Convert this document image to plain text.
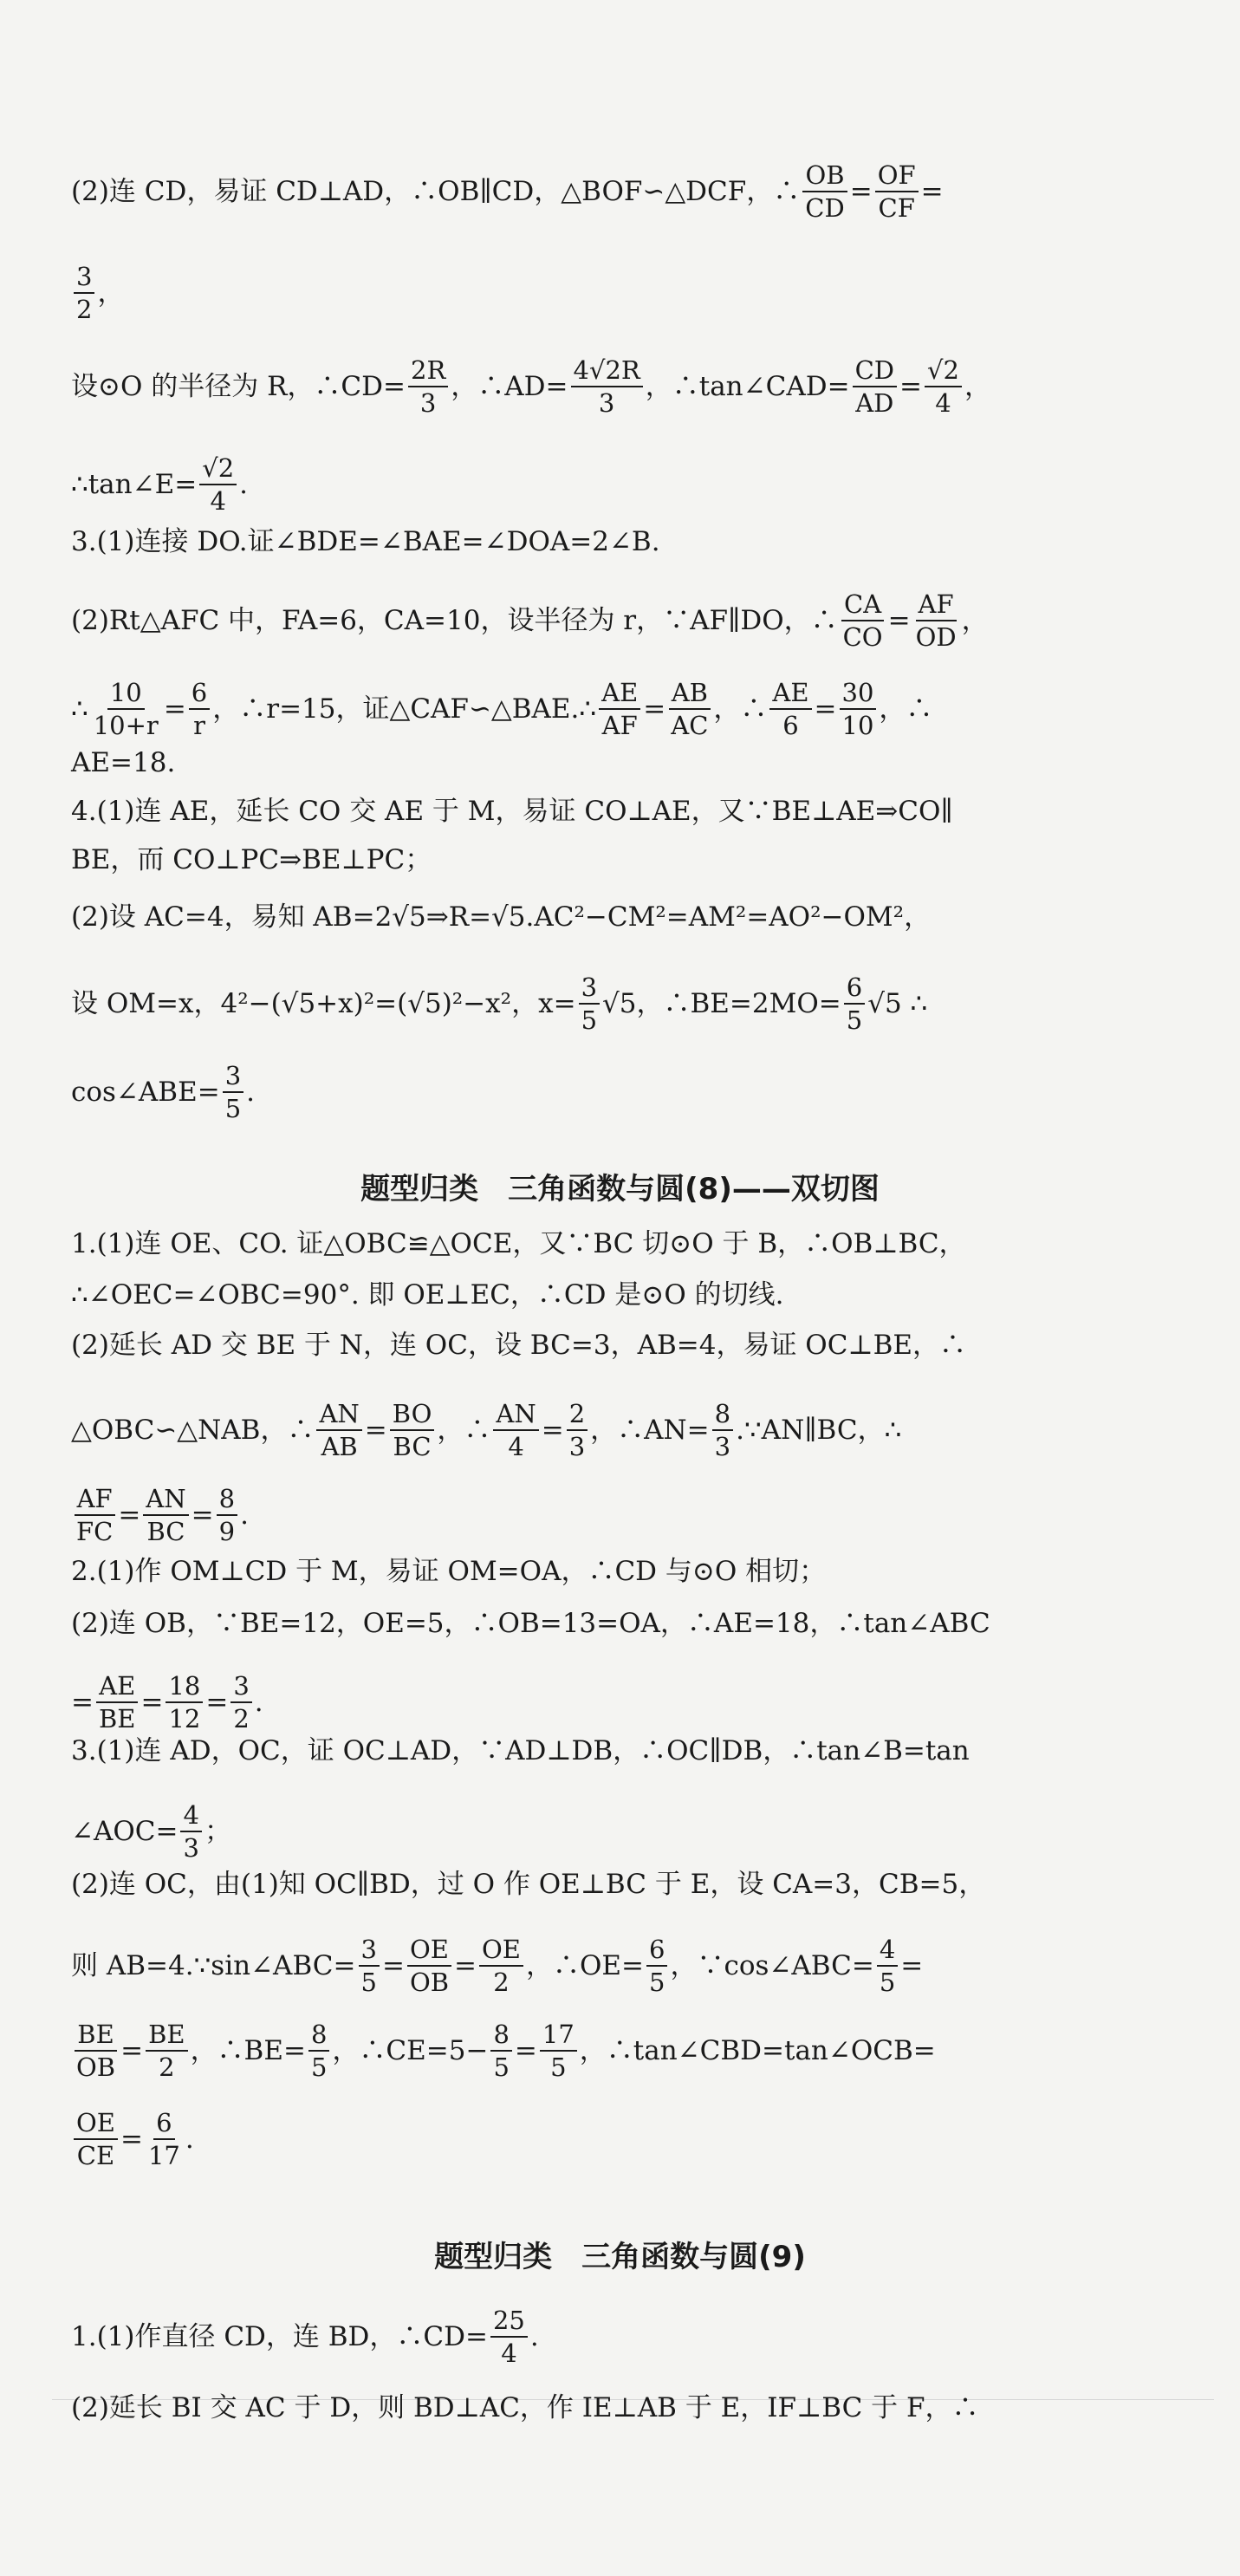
题型归类　三角函数与圆(8)——双切图
题型归类　三角函数与圆(9)
(2)连 CD，易证 CD⊥AD，∴OB∥CD，△BOF∽△DCF，∴ $\frac{OB}{CD} = \frac{OF}{CF}$ =
$\frac{3}{2}$ ，
设⊙O 的半径为 R，∴CD= $\frac{2R}{3}$ ，∴AD= $\frac{4√2R}{3}$ ，∴tan∠CAD= $\frac{CD}{AD} = \frac{√2}{4}$ ，
∴tan∠E= $\frac{√2}{4}$ .
3.(1)连接 DO.证∠BDE=∠BAE=∠DOA=2∠B.
(2)Rt△AFC 中，FA=6，CA=10，设半径为 r，∵AF∥DO，∴ $\frac{CA}{CO} = \frac{AF}{OD}$ ，
∴ $\frac{10}{10+r} = \frac{6}{r}$ ，∴r=15，证△CAF∽△BAE.∴ $\frac{AE}{AF} = \frac{AB}{AC}$ ，∴ $\frac{AE}{6} = \frac{30}{10}$ ，∴
AE=18.
4.(1)连 AE，延长 CO 交 AE 于 M，易证 CO⊥AE，又∵BE⊥AE⇒CO∥
BE，而 CO⊥PC⇒BE⊥PC；
(2)设 AC=4，易知 AB=2√5⇒R=√5.AC²−CM²=AM²=AO²−OM²，
设 OM=x，4²−(√5+x)²=(√5)²−x²，$x= \frac{3}{5} √5$，∴BE=2MO= $\frac{6}{5} √5$ ∴
cos∠ABE= $\frac{3}{5}$ .
1.(1)连 OE、CO. 证△OBC≌△OCE，又∵BC 切⊙O 于 B，∴OB⊥BC，
∴∠OEC=∠OBC=90°. 即 OE⊥EC，∴CD 是⊙O 的切线.
(2)延长 AD 交 BE 于 N，连 OC，设 BC=3，AB=4，易证 OC⊥BE，∴
△OBC∽△NAB，∴ $\frac{AN}{AB} = \frac{BO}{BC}$ ，∴ $\frac{AN}{4} = \frac{2}{3}$ ，∴AN= $\frac{8}{3}$ .∵AN∥BC，∴
$\frac{AF}{FC} = \frac{AN}{BC} = \frac{8}{9}$ .
2.(1)作 OM⊥CD 于 M，易证 OM=OA，∴CD 与⊙O 相切；
(2)连 OB，∵BE=12，OE=5，∴OB=13=OA，∴AE=18，∴tan∠ABC
= $\frac{AE}{BE} = \frac{18}{12} = \frac{3}{2}$ .
3.(1)连 AD，OC，证 OC⊥AD，∵AD⊥DB，∴OC∥DB，∴tan∠B=tan
∠AOC= $\frac{4}{3}$ ；
(2)连 OC，由(1)知 OC∥BD，过 O 作 OE⊥BC 于 E，设 CA=3，CB=5，
则 AB=4.∵sin∠ABC= $\frac{3}{5} = \frac{OE}{OB} = \frac{OE}{2}$ ，∴OE= $\frac{6}{5}$ ，∵cos∠ABC= $\frac{4}{5}$ =
$\frac{BE}{OB} = \frac{BE}{2}$ ，∴BE= $\frac{8}{5}$ ，∴CE=5− $\frac{8}{5} = \frac{17}{5}$ ，∴tan∠CBD=tan∠OCB=
$\frac{OE}{CE} = \frac{6}{17}$ .
1.(1)作直径 CD，连 BD，∴CD= $\frac{25}{4}$ .
(2)延长 BI 交 AC 于 D，则 BD⊥AC，作 IE⊥AB 于 E，IF⊥BC 于 F，∴
